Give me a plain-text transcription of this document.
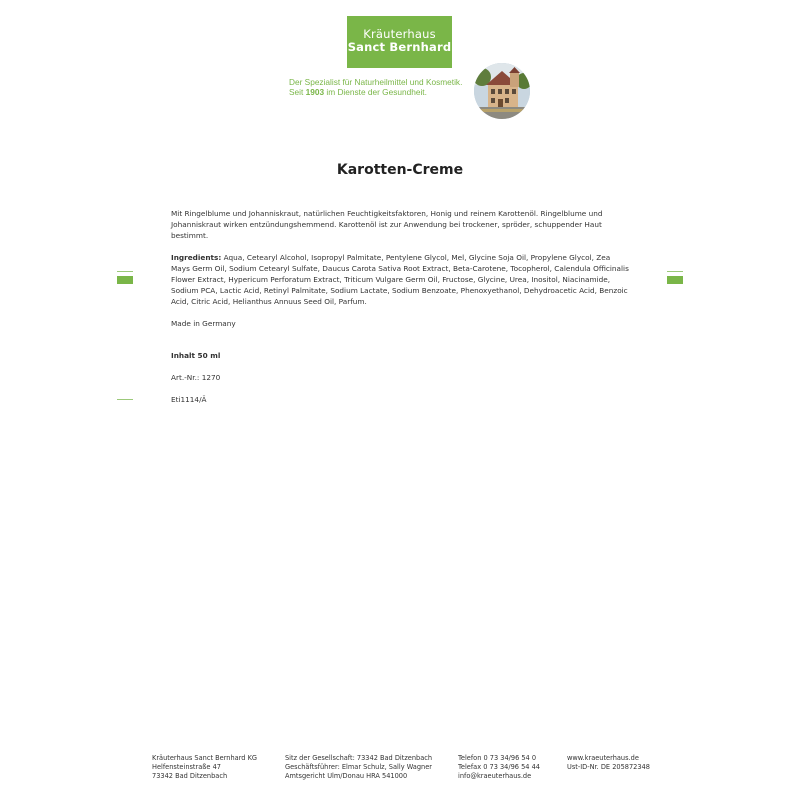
Kräuterhaus
Sanct Bernhard
Der Spezialist für Naturheilmittel und Kosmetik.
Seit 1903 im Dienste der Gesundheit.
Karotten-Creme

Mit Ringelblume und Johanniskraut, natürlichen Feuchtigkeitsfaktoren, Honig und reinem Karottenöl. Ringelblume und Johanniskraut wirken entzündungshemmend. Karottenöl ist zur Anwendung bei trockener, spröder, schuppender Haut bestimmt.

Ingredients: Aqua, Cetearyl Alcohol, Isopropyl Palmitate, Pentylene Glycol, Mel, Glycine Soja Oil, Propylene Glycol, Zea Mays Germ Oil, Sodium Cetearyl Sulfate, Daucus Carota Sativa Root Extract, Beta-Carotene, Tocopherol, Calendula Officinalis Flower Extract, Hypericum Perforatum Extract, Triticum Vulgare Germ Oil, Fructose, Glycine, Urea, Inositol, Niacinamide, Sodium PCA, Lactic Acid, Retinyl Palmitate, Sodium Lactate, Sodium Benzoate, Phenoxyethanol, Dehydroacetic Acid, Benzoic Acid, Citric Acid, Helianthus Annuus Seed Oil, Parfum.

Made in Germany

Inhalt 50 ml

Art.-Nr.: 1270

Eti1114/Ä

Kräuterhaus Sanct Bernhard KG
Helfensteinstraße 47
73342 Bad Ditzenbach
Sitz der Gesellschaft: 73342 Bad Ditzenbach
Geschäftsführer: Elmar Schulz, Sally Wagner
Amtsgericht Ulm/Donau HRA 541000
Telefon 0 73 34/96 54 0
Telefax 0 73 34/96 54 44
info@kraeuterhaus.de
www.kraeuterhaus.de
Ust-ID-Nr. DE 205872348
